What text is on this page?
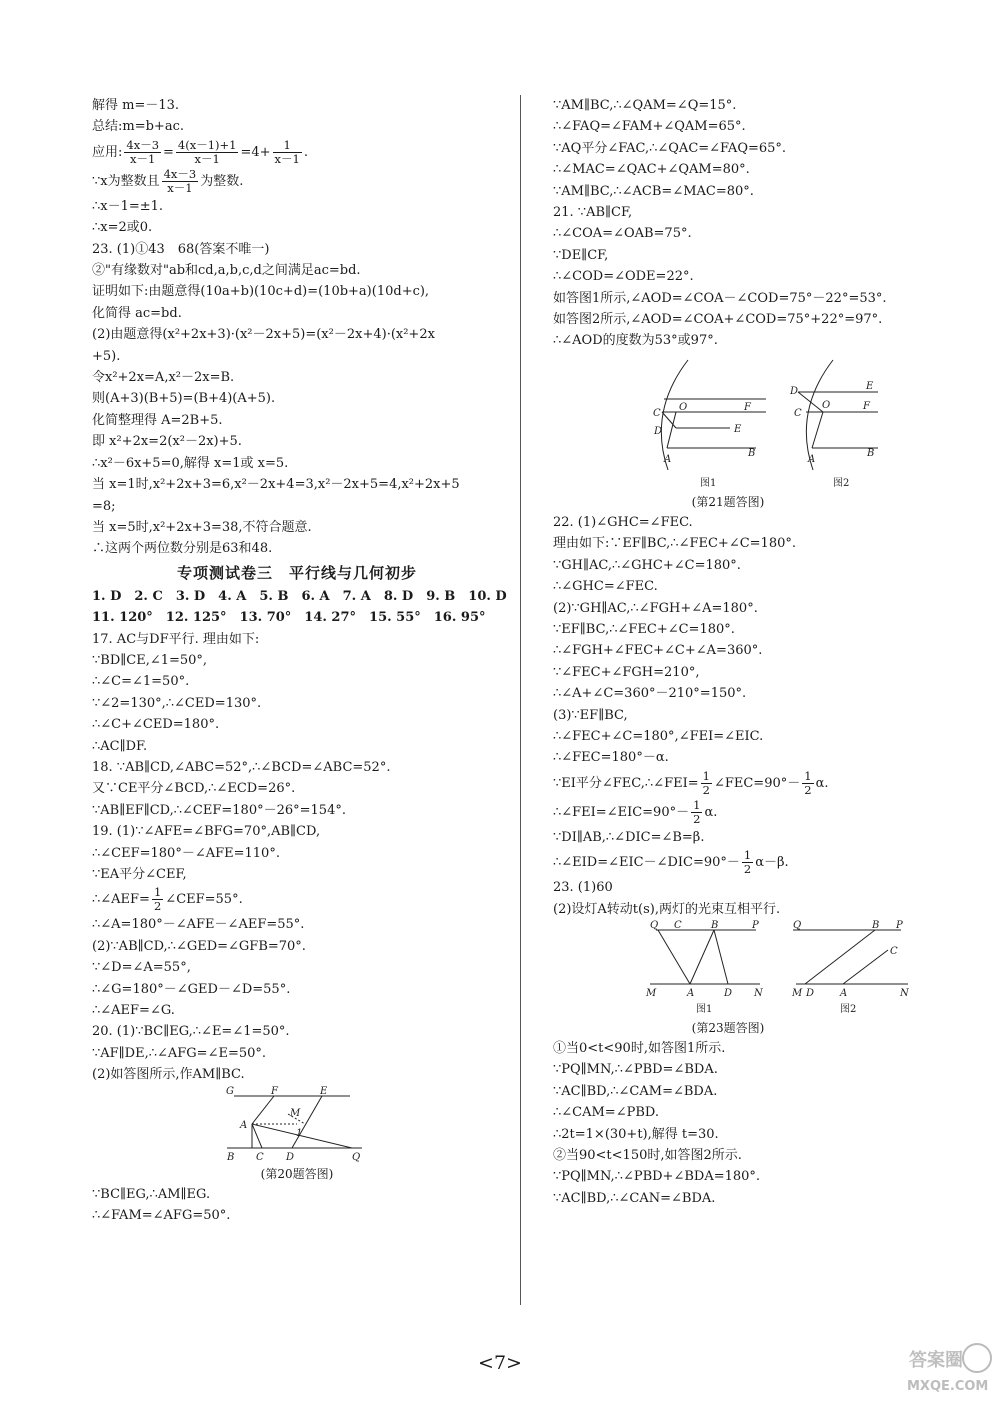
解得 m=－13.
总结:m=b+ac.
应用: $\frac{4x-3}{x-1} = \frac{4(x-1)+1}{x-1} =4+ \frac{1}{x-1}$ .
∵x为整数且 $\frac{4x-3}{x-1}$ 为整数.
∴x－1=±1.
∴x=2或0.
23. (1)①43　68(答案不唯一)
②"有缘数对"ab和cd,a,b,c,d之间满足ac=bd.
证明如下:由题意得(10a+b)(10c+d)=(10b+a)(10d+c),
化简得 ac=bd.
(2)由题意得(x²+2x+3)·(x²－2x+5)=(x²－2x+4)·(x²+2x
+5).
令x²+2x=A,x²－2x=B.
则(A+3)(B+5)=(B+4)(A+5).
化简整理得 A=2B+5.
即 x²+2x=2(x²－2x)+5.
∴x²－6x+5=0,解得 x=1或 x=5.
当 x=1时,x²+2x+3=6,x²－2x+4=3,x²－2x+5=4,x²+2x+5
=8;
当 x=5时,x²+2x+3=38,不符合题意.
∴这两个两位数分别是63和48.
专项测试卷三　平行线与几何初步
1. D　2. C　3. D　4. A　5. B　6. A　7. A　8. D　9. B　10. D
11. 120°　12. 125°　13. 70°　14. 27°　15. 55°　16. 95°
17. AC与DF平行. 理由如下:
∵BD∥CE,∠1=50°,
∴∠C=∠1=50°.
∵∠2=130°,∴∠CED=130°.
∴∠C+∠CED=180°.
∴AC∥DF.
18. ∵AB∥CD,∠ABC=52°,∴∠BCD=∠ABC=52°.
又∵CE平分∠BCD,∴∠ECD=26°.
∵AB∥EF∥CD,∴∠CEF=180°－26°=154°.
19. (1)∵∠AFE=∠BFG=70°,AB∥CD,
∴∠CEF=180°－∠AFE=110°.
∵EA平分∠CEF,
∴∠AEF= $\frac{1}{2}$ ∠CEF=55°.
∴∠A=180°－∠AFE－∠AEF=55°.
(2)∵AB∥CD,∴∠GED=∠GFB=70°.
∵∠D=∠A=55°,
∴∠G=180°－∠GED－∠D=55°.
∴∠AEF=∠G.
20. (1)∵BC∥EG,∴∠E=∠1=50°.
∵AF∥DE,∴∠AFG=∠E=50°.
(2)如答图所示,作AM∥BC.
G	F	E
A
M
1
B C D	Q
(第20题答图)
∵BC∥EG,∴AM∥EG.
∴∠FAM=∠AFG=50°.
∵AM∥BC,∴∠QAM=∠Q=15°.
∴∠FAQ=∠FAM+∠QAM=65°.
∵AQ平分∠FAC,∴∠QAC=∠FAQ=65°.
∴∠MAC=∠QAC+∠QAM=80°.
∵AM∥BC,∴∠ACB=∠MAC=80°.
21. ∵AB∥CF,
∴∠COA=∠OAB=75°.
∵DE∥CF,
∴∠COD=∠ODE=22°.
如答图1所示,∠AOD=∠COA－∠COD=75°－22°=53°.
如答图2所示,∠AOD=∠COA+∠COD=75°+22°=97°.
∴∠AOD的度数为53°或97°.
C
O	F
D	E
A
B
D	E
C
O	F
A
B
图1	图2
(第21题答图)
22. (1)∠GHC=∠FEC.
理由如下:∵EF∥BC,∴∠FEC+∠C=180°.
∵GH∥AC,∴∠GHC+∠C=180°.
∴∠GHC=∠FEC.
(2)∵GH∥AC,∴∠FGH+∠A=180°.
∵EF∥BC,∴∠FEC+∠C=180°.
∴∠FGH+∠FEC+∠C+∠A=360°.
∵∠FEC+∠FGH=210°,
∴∠A+∠C=360°－210°=150°.
(3)∵EF∥BC,
∴∠FEC+∠C=180°,∠FEI=∠EIC.
∴∠FEC=180°－α.
∵EI平分∠FEC,∴∠FEI= $\frac{1}{2}$ ∠FEC=90°－ $\frac{1}{2} \alpha$.
∴∠FEI=∠EIC=90°－ $\frac{1}{2} \alpha$.
∵DI∥AB,∴∠DIC=∠B=β.
∴∠EID=∠EIC－∠DIC=90°－ $\frac{1}{2} \alpha-\beta$.
23. (1)60
(2)设灯A转动t(s),两灯的光束互相平行.
Q C	B	P
M	A	D N
Q	B P
C
M D	A	N
图1	图2
(第23题答图)
①当0<t<90时,如答图1所示.
∵PQ∥MN,∴∠PBD=∠BDA.
∵AC∥BD,∴∠CAM=∠BDA.
∴∠CAM=∠PBD.
∴2t=1×(30+t),解得 t=30.
②当90<t<150时,如答图2所示.
∵PQ∥MN,∴∠PBD+∠BDA=180°.
∵AC∥BD,∴∠CAN=∠BDA.
<7>	答案圈
MXQE.COM
